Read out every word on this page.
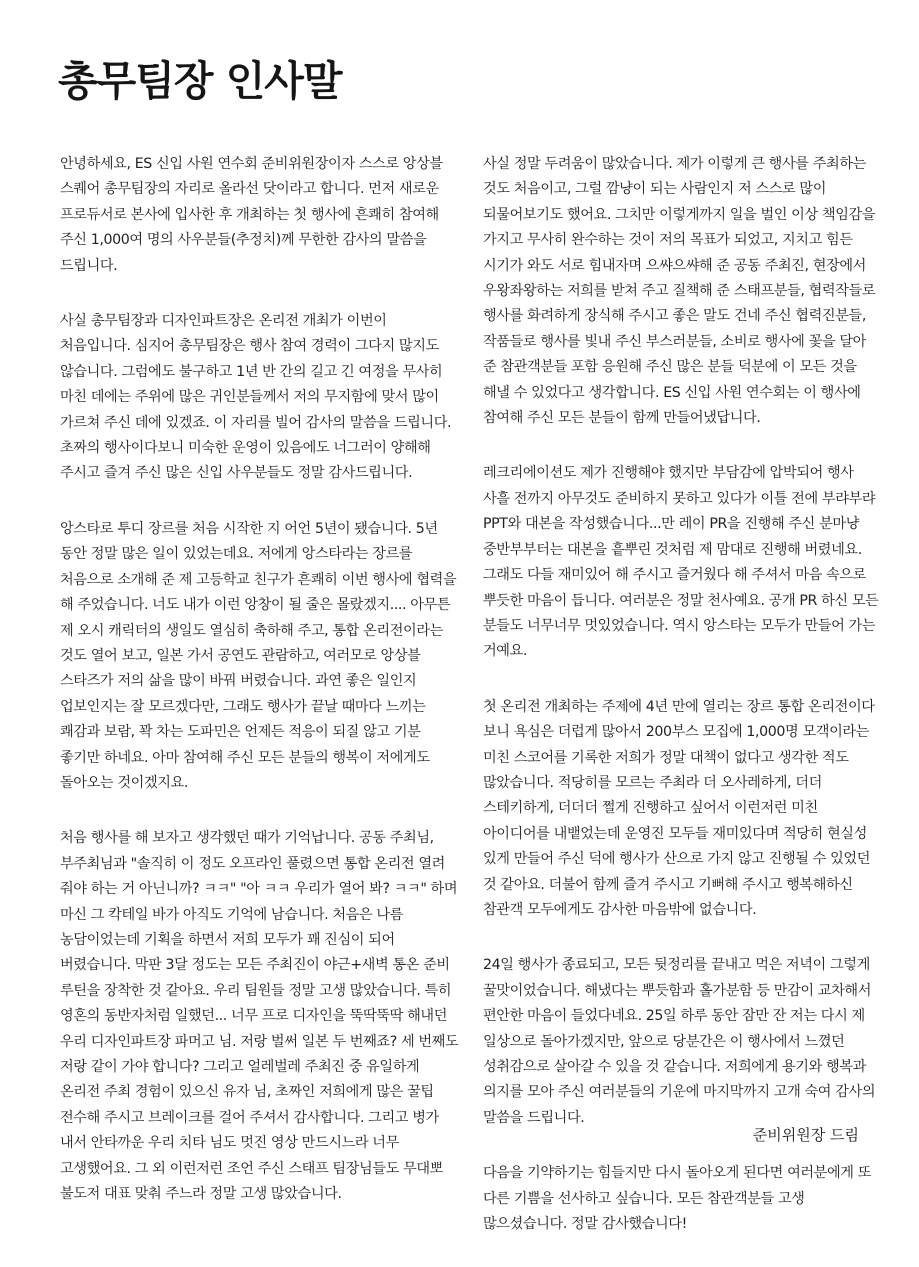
총무팀장 인사말

안녕하세요, ES 신입 사원 연수회 준비위원장이자 스스로 앙상블 스퀘어 총무팀장의 자리로 올라선 닷이라고 합니다. 먼저 새로운 프로듀서로 본사에 입사한 후 개최하는 첫 행사에 흔쾌히 참여해 주신 1,000여 명의 사우분들(추정치)께 무한한 감사의 말씀을 드립니다.

사실 총무팀장과 디자인파트장은 온리전 개최가 이번이 처음입니다. 심지어 총무팀장은 행사 참여 경력이 그다지 많지도 않습니다. 그럼에도 불구하고 1년 반 간의 길고 긴 여정을 무사히 마친 데에는 주위에 많은 귀인분들께서 저의 무지함에 맞서 많이 가르쳐 주신 데에 있겠죠. 이 자리를 빌어 감사의 말씀을 드립니다. 초짜의 행사이다보니 미숙한 운영이 있음에도 너그러이 양해해 주시고 즐겨 주신 많은 신입 사우분들도 정말 감사드립니다.

앙스타로 투디 장르를 처음 시작한 지 어언 5년이 됐습니다. 5년 동안 정말 많은 일이 있었는데요. 저에게 앙스타라는 장르를 처음으로 소개해 준 제 고등학교 친구가 흔쾌히 이번 행사에 협력을 해 주었습니다. 너도 내가 이런 앙창이 될 줄은 몰랐겠지.... 아무튼 제 오시 캐릭터의 생일도 열심히 축하해 주고, 통합 온리전이라는 것도 열어 보고, 일본 가서 공연도 관람하고, 여러모로 앙상블 스타즈가 저의 삶을 많이 바꿔 버렸습니다. 과연 좋은 일인지 업보인지는 잘 모르겠다만, 그래도 행사가 끝날 때마다 느끼는 쾌감과 보람, 꽉 차는 도파민은 언제든 적응이 되질 않고 기분 좋기만 하네요. 아마 참여해 주신 모든 분들의 행복이 저에게도 돌아오는 것이겠지요.

처음 행사를 해 보자고 생각했던 때가 기억납니다. 공동 주최님, 부주최님과 "솔직히 이 정도 오프라인 풀렸으면 통합 온리전 열려 줘야 하는 거 아닌니까? ㅋㅋ" "아 ㅋㅋ 우리가 열어 봐? ㅋㅋ" 하며 마신 그 칵테일 바가 아직도 기억에 남습니다. 처음은 나름 농담이었는데 기획을 하면서 저희 모두가 꽤 진심이 되어 버렸습니다. 막판 3달 정도는 모든 주최진이 야근+새벽 통온 준비 루틴을 장착한 것 같아요. 우리 팀원들 정말 고생 많았습니다. 특히 영혼의 동반자처럼 일했던... 너무 프로 디자인을 뚝딱뚝딱 해내던 우리 디자인파트장 파머고 님. 저랑 벌써 일본 두 번째죠? 세 번째도 저랑 같이 가야 합니다? 그리고 얼레벌레 주최진 중 유일하게 온리전 주최 경험이 있으신 유자 님, 초짜인 저희에게 많은 꿀팁 전수해 주시고 브레이크를 걸어 주셔서 감사합니다. 그리고 병가 내서 안타까운 우리 치타 님도 멋진 영상 만드시느라 너무 고생했어요. 그 외 이런저런 조언 주신 스태프 팀장님들도 무대뽀 불도저 대표 맞춰 주느라 정말 고생 많았습니다.

사실 정말 두려움이 많았습니다. 제가 이렇게 큰 행사를 주최하는 것도 처음이고, 그럴 깜냥이 되는 사람인지 저 스스로 많이 되물어보기도 했어요. 그치만 이렇게까지 일을 벌인 이상 책임감을 가지고 무사히 완수하는 것이 저의 목표가 되었고, 지치고 힘든 시기가 와도 서로 힘내자며 으쌰으쌰해 준 공동 주최진, 현장에서 우왕좌왕하는 저희를 받쳐 주고 질책해 준 스태프분들, 협력작들로 행사를 화려하게 장식해 주시고 좋은 말도 건네 주신 협력진분들, 작품들로 행사를 빛내 주신 부스러분들, 소비로 행사에 꽃을 달아 준 참관객분들 포함 응원해 주신 많은 분들 덕분에 이 모든 것을 해낼 수 있었다고 생각합니다. ES 신입 사원 연수회는 이 행사에 참여해 주신 모든 분들이 함께 만들어냈답니다.

레크리에이션도 제가 진행해야 했지만 부담감에 압박되어 행사 사흘 전까지 아무것도 준비하지 못하고 있다가 이틀 전에 부랴부랴 PPT와 대본을 작성했습니다...만 레이 PR을 진행해 주신 분마냥 중반부부터는 대본을 흩뿌린 것처럼 제 맘대로 진행해 버렸네요. 그래도 다들 재미있어 해 주시고 즐거웠다 해 주셔서 마음 속으로 뿌듯한 마음이 듭니다. 여러분은 정말 천사예요. 공개 PR 하신 모든 분들도 너무너무 멋있었습니다. 역시 앙스타는 모두가 만들어 가는 거예요.

첫 온리전 개최하는 주제에 4년 만에 열리는 장르 통합 온리전이다 보니 욕심은 더럽게 많아서 200부스 모집에 1,000명 모객이라는 미친 스코어를 기록한 저희가 정말 대책이 없다고 생각한 적도 많았습니다. 적당히를 모르는 주최라 더 오사레하게, 더더 스테키하게, 더더더 쩔게 진행하고 싶어서 이런저런 미친 아이디어를 내뱉었는데 운영진 모두들 재미있다며 적당히 현실성 있게 만들어 주신 덕에 행사가 산으로 가지 않고 진행될 수 있었던 것 같아요. 더불어 함께 즐겨 주시고 기뻐해 주시고 행복해하신 참관객 모두에게도 감사한 마음밖에 없습니다.

24일 행사가 종료되고, 모든 뒷정리를 끝내고 먹은 저녁이 그렇게 꿀맛이었습니다. 해냈다는 뿌듯함과 홀가분함 등 만감이 교차해서 편안한 마음이 들었다네요. 25일 하루 동안 잠만 잔 저는 다시 제 일상으로 돌아가겠지만, 앞으로 당분간은 이 행사에서 느꼈던 성취감으로 살아갈 수 있을 것 같습니다. 저희에게 용기와 행복과 의지를 모아 주신 여러분들의 기운에 마지막까지 고개 숙여 감사의 말씀을 드립니다.

다음을 기약하기는 힘들지만 다시 돌아오게 된다면 여러분에게 또 다른 기쁨을 선사하고 싶습니다. 모든 참관객분들 고생 많으셨습니다. 정말 감사했습니다!

준비위원장 드림
